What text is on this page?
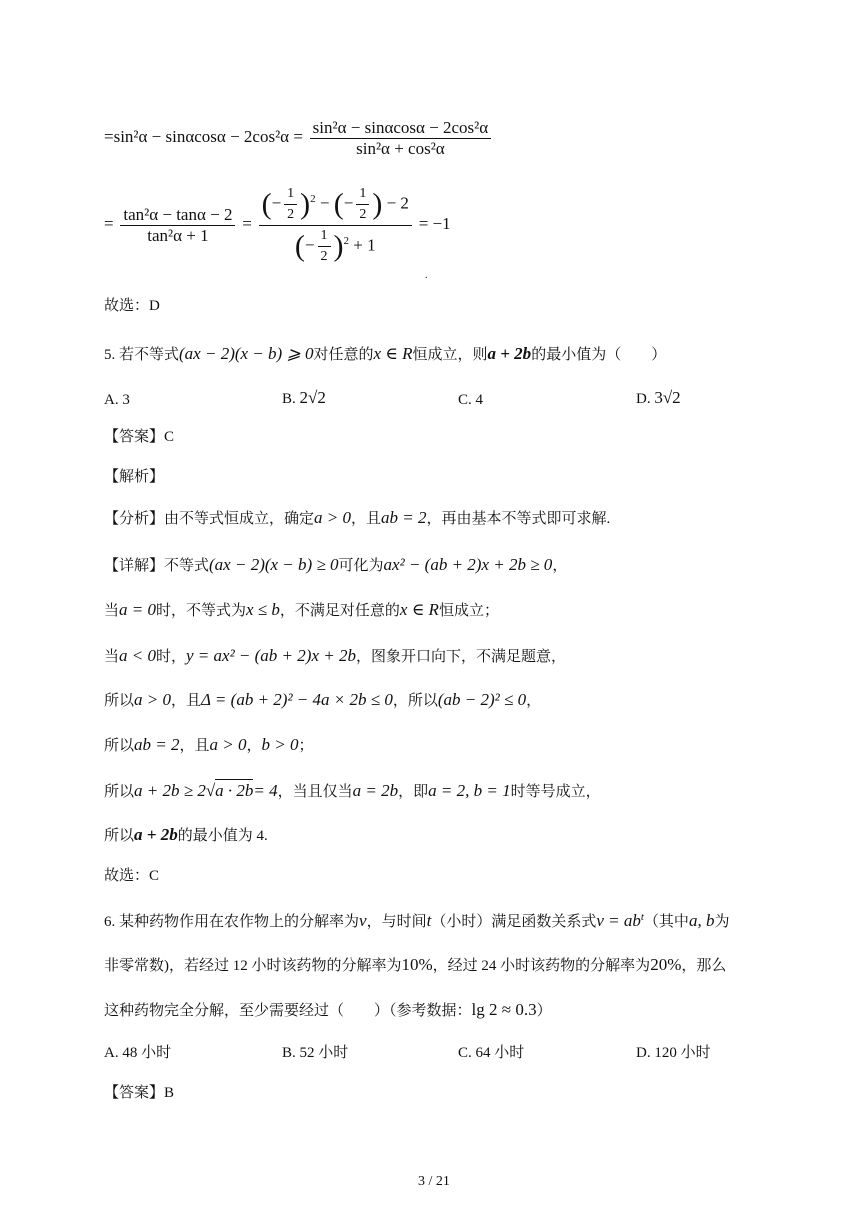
$=\sin^2\alpha - \sin\alpha\cos\alpha - 2\cos^2\alpha = \frac{\text{sin²α − sinαcosα − 2cos²α}}{\text{sin²α + cos²α}}$
= $\frac{\text{tan²α − tanα − 2}}{\text{tan²α + 1}} = \frac{(- \frac{1}{2} )^2 - (- \frac{1}{2} ) - 2}{(- \frac{1}{2} )^2 + 1} = -1$
.
故选：D
5. 若不等式(ax − 2)(x − b) ⩾ 0对任意的x ∈ R恒成立，则a + 2b的最小值为（　　）
A. 3	B. 2√2	C. 4	D. 3√2
【答案】C
【解析】
【分析】由不等式恒成立，确定a > 0，且ab = 2，再由基本不等式即可求解.
【详解】不等式(ax − 2)(x − b) ≥ 0可化为ax² − (ab + 2)x + 2b ≥ 0，
当a = 0时，不等式为x ≤ b，不满足对任意的x ∈ R恒成立；
当a < 0时，y = ax² − (ab + 2)x + 2b，图象开口向下，不满足题意，
所以a > 0，且Δ = (ab + 2)² − 4a × 2b ≤ 0，所以(ab − 2)² ≤ 0，
所以ab = 2，且a > 0，b > 0；
所以a + 2b ≥ 2√a · 2b= 4，当且仅当a = 2b，即a = 2, b = 1时等号成立，
所以a + 2b的最小值为 4.
故选：C
6. 某种药物作用在农作物上的分解率为v，与时间t（小时）满足函数关系式$v = ab^t$（其中a, b为
非零常数)，若经过 12 小时该药物的分解率为10%，经过 24 小时该药物的分解率为20%，那么
这种药物完全分解，至少需要经过（　　）（参考数据：lg 2 ≈ 0.3）
A. 48 小时	B. 52 小时	C. 64 小时	D. 120 小时
【答案】B
3 / 21
